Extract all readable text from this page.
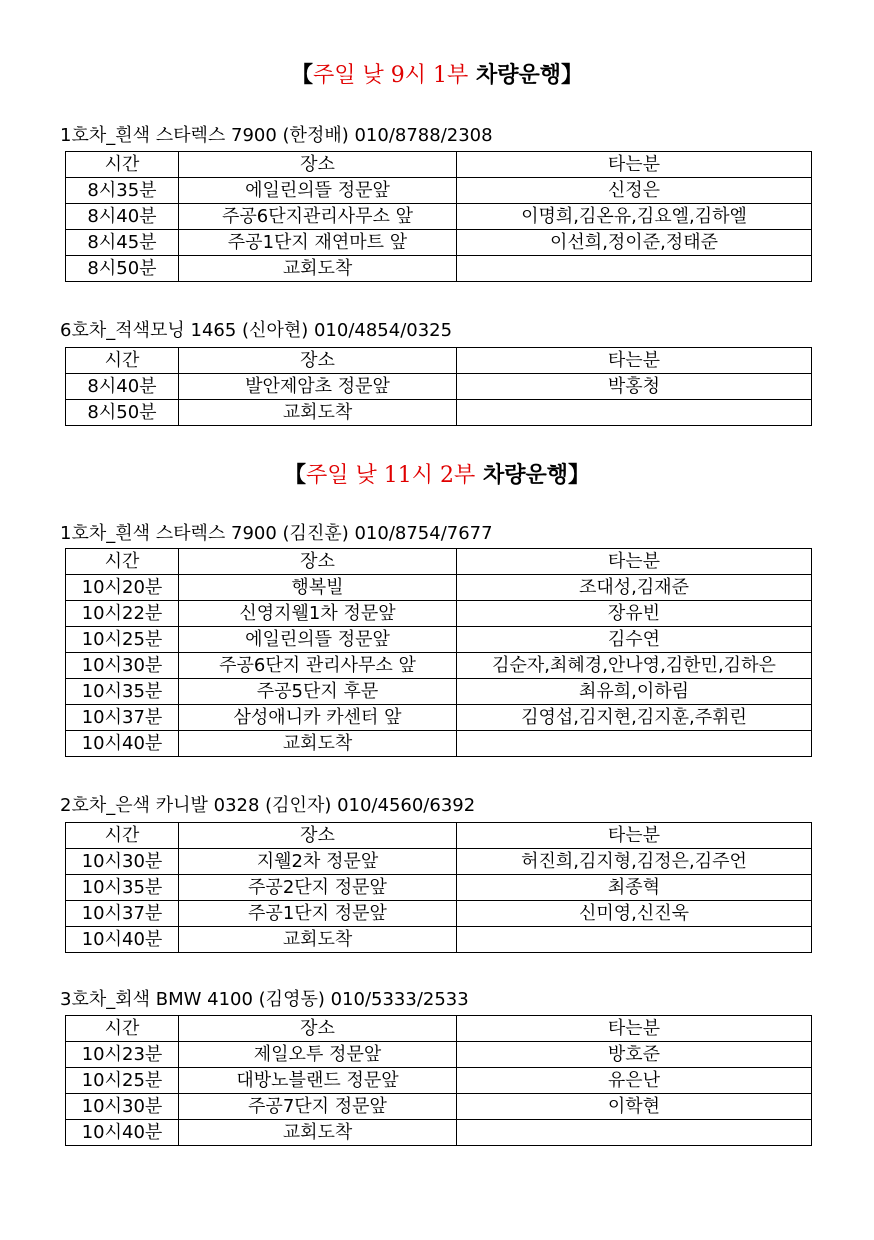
【주일 낮 9시 1부 차량운행】
1호차_흰색 스타렉스 7900 (한정배) 010/8788/2308
시간	장소	타는분
8시35분	에일린의뜰 정문앞	신정은
8시40분	주공6단지관리사무소 앞	이명희,김온유,김요엘,김하엘
8시45분	주공1단지 재연마트 앞	이선희,정이준,정태준
8시50분	교회도착	
6호차_적색모닝 1465 (신아현) 010/4854/0325
시간	장소	타는분
8시40분	발안제암초 정문앞	박홍청
8시50분	교회도착	
【주일 낮 11시 2부 차량운행】
1호차_흰색 스타렉스 7900 (김진훈) 010/8754/7677
시간	장소	타는분
10시20분	행복빌	조대성,김재준
10시22분	신영지웰1차 정문앞	장유빈
10시25분	에일린의뜰 정문앞	김수연
10시30분	주공6단지 관리사무소 앞	김순자,최혜경,안나영,김한민,김하은
10시35분	주공5단지 후문	최유희,이하림
10시37분	삼성애니카 카센터 앞	김영섭,김지현,김지훈,주휘린
10시40분	교회도착	
2호차_은색 카니발 0328 (김인자) 010/4560/6392
시간	장소	타는분
10시30분	지웰2차 정문앞	허진희,김지형,김정은,김주언
10시35분	주공2단지 정문앞	최종혁
10시37분	주공1단지 정문앞	신미영,신진욱
10시40분	교회도착	
3호차_회색 BMW 4100 (김영동) 010/5333/2533
시간	장소	타는분
10시23분	제일오투 정문앞	방호준
10시25분	대방노블랜드 정문앞	유은난
10시30분	주공7단지 정문앞	이학현
10시40분	교회도착	
